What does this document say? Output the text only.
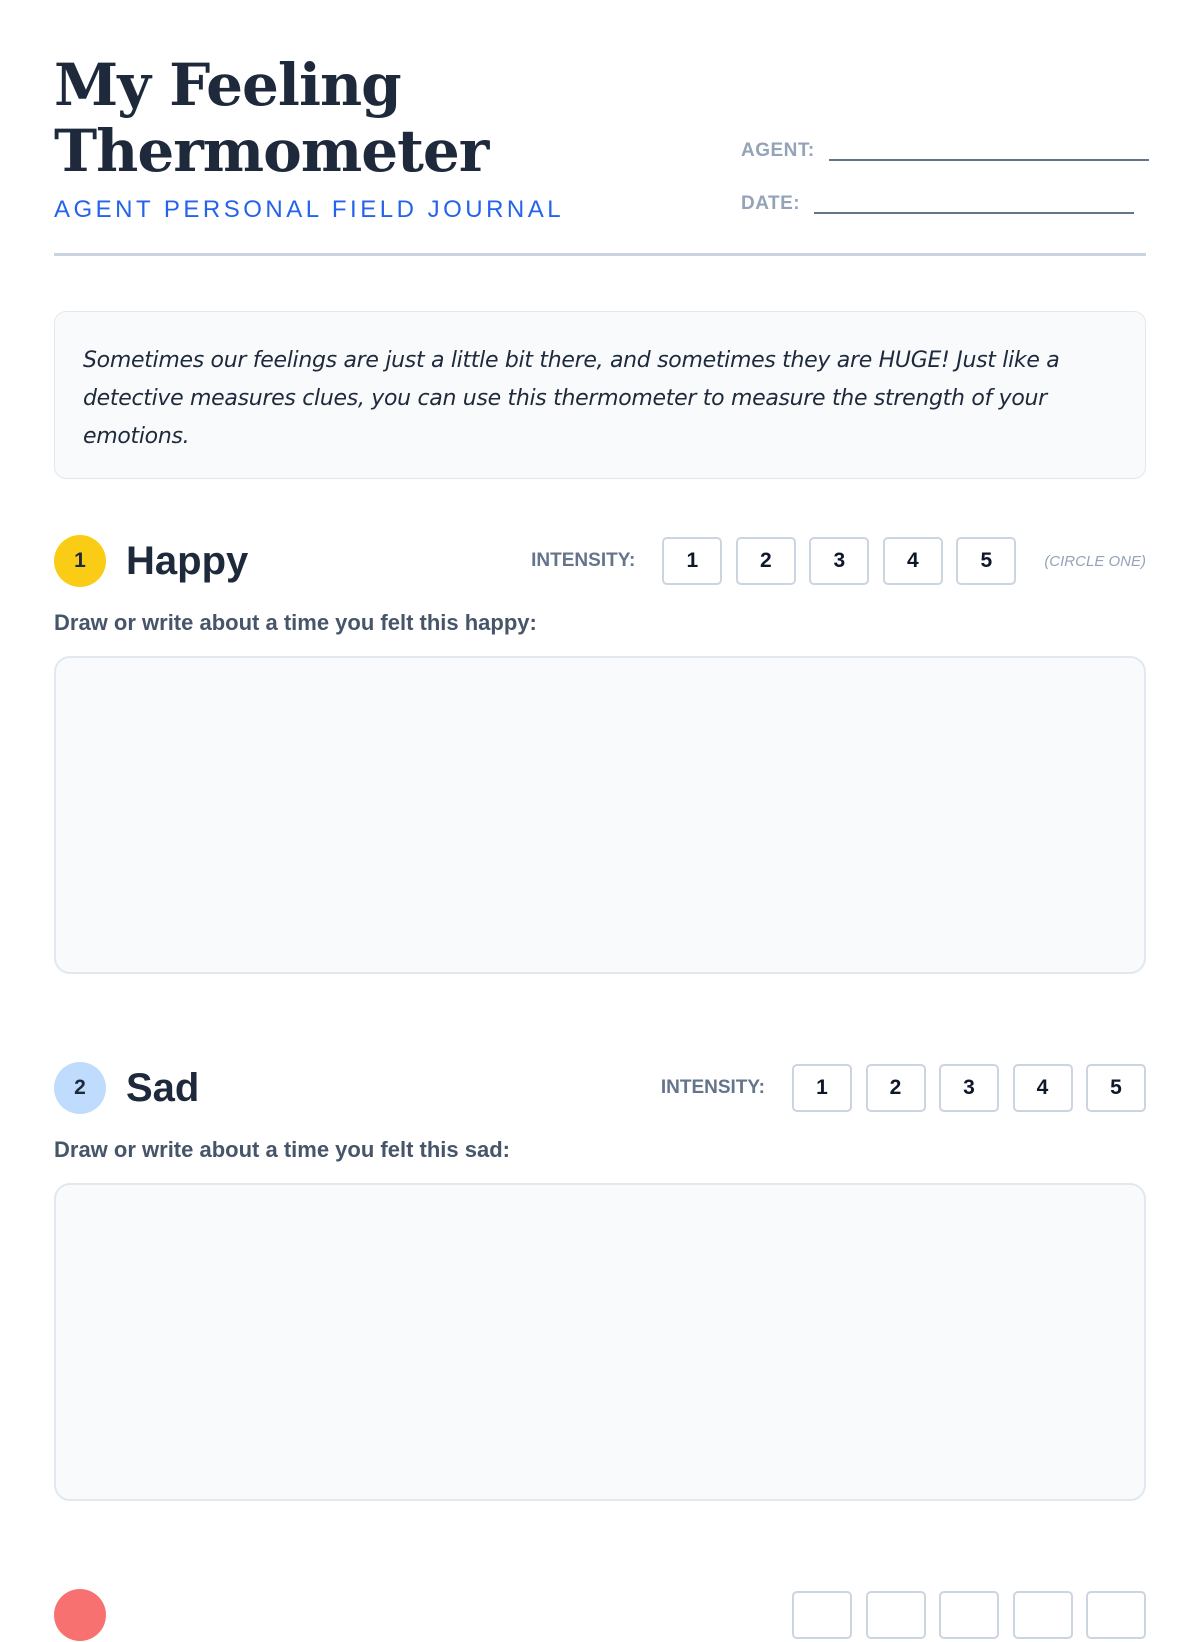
My Feeling
Thermometer
AGENT PERSONAL FIELD JOURNAL
AGENT:
DATE:

Sometimes our feelings are just a little bit there, and sometimes they are HUGE! Just like a detective measures clues, you can use this thermometer to measure the strength of your emotions.

1	Happy	INTENSITY:	1	2	3	4	5	(CIRCLE ONE)
Draw or write about a time you felt this happy:
2	Sad	INTENSITY:	1	2	3	4	5
Draw or write about a time you felt this sad:
